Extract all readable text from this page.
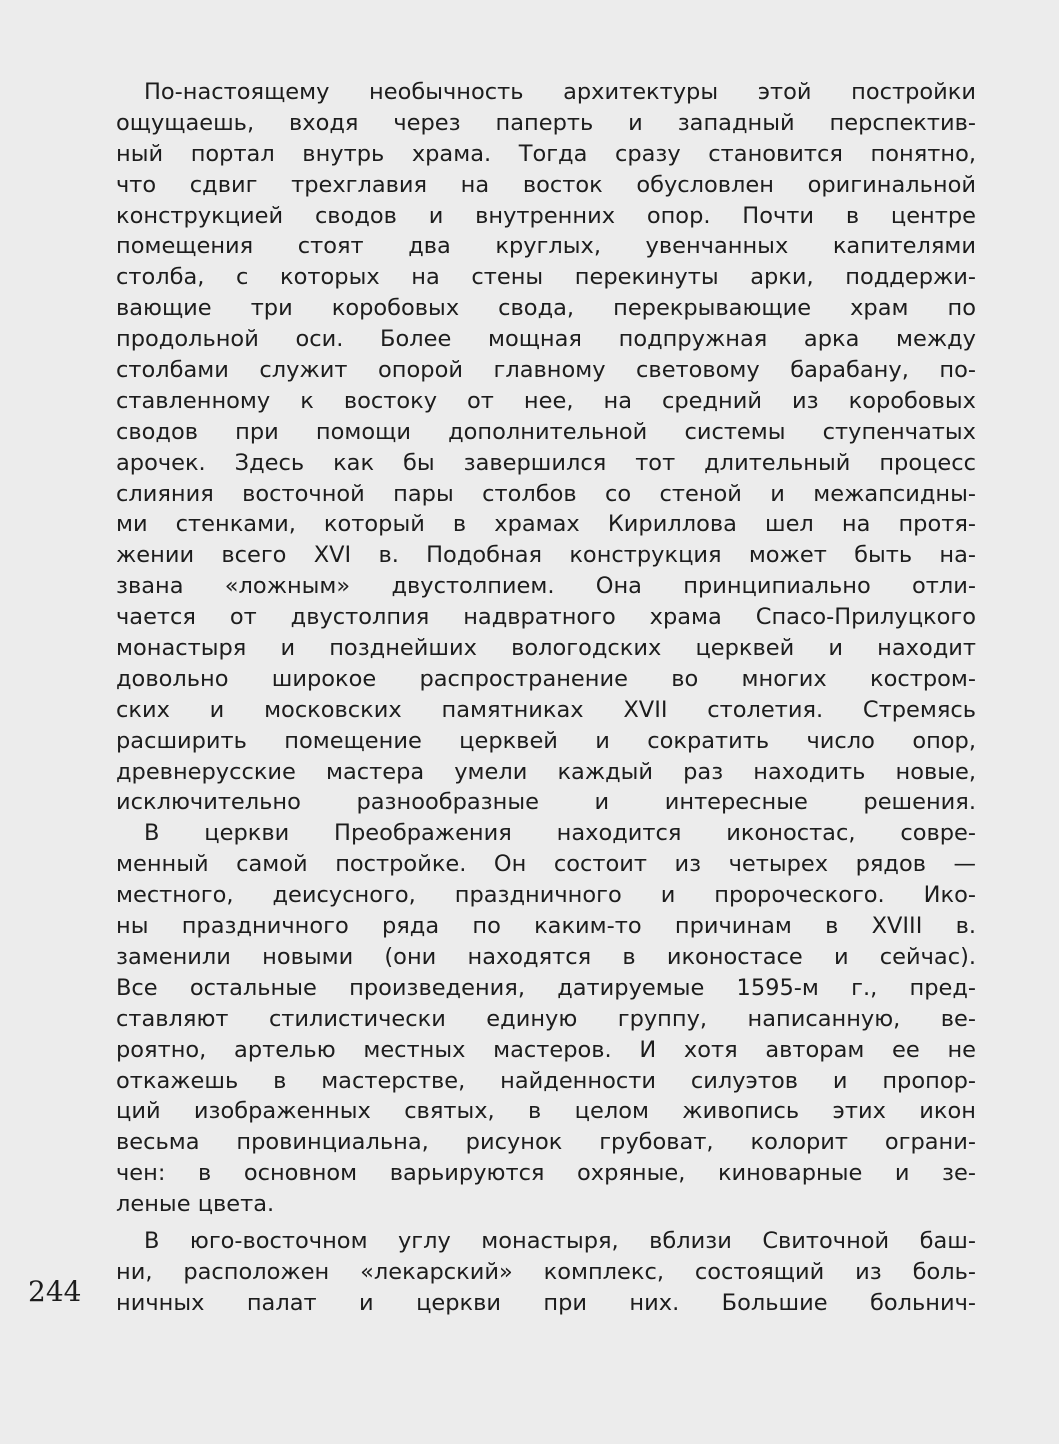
По-настоящему необычность архитектуры этой постройки
ощущаешь, входя через паперть и западный перспектив-
ный портал внутрь храма. Тогда сразу становится понятно,
что сдвиг трехглавия на восток обусловлен оригинальной
конструкцией сводов и внутренних опор. Почти в центре
помещения стоят два круглых, увенчанных капителями
столба, с которых на стены перекинуты арки, поддержи-
вающие три коробовых свода, перекрывающие храм по
продольной оси. Более мощная подпружная арка между
столбами служит опорой главному световому барабану, по-
ставленному к востоку от нее, на средний из коробовых
сводов при помощи дополнительной системы ступенчатых
арочек. Здесь как бы завершился тот длительный процесс
слияния восточной пары столбов со стеной и межапсидны-
ми стенками, который в храмах Кириллова шел на протя-
жении всего XVI в. Подобная конструкция может быть на-
звана «ложным» двустолпием. Она принципиально отли-
чается от двустолпия надвратного храма Спасо-Прилуцкого
монастыря и позднейших вологодских церквей и находит
довольно широкое распространение во многих костром-
ских и московских памятниках XVII столетия. Стремясь
расширить помещение церквей и сократить число опор,
древнерусские мастера умели каждый раз находить новые,
исключительно разнообразные и интересные решения.
В церкви Преображения находится иконостас, совре-
менный самой постройке. Он состоит из четырех рядов —
местного, деисусного, праздничного и пророческого. Ико-
ны праздничного ряда по каким-то причинам в XVIII в.
заменили новыми (они находятся в иконостасе и сейчас).
Все остальные произведения, датируемые 1595-м г., пред-
ставляют стилистически единую группу, написанную, ве-
роятно, артелью местных мастеров. И хотя авторам ее не
откажешь в мастерстве, найденности силуэтов и пропор-
ций изображенных святых, в целом живопись этих икон
весьма провинциальна, рисунок грубоват, колорит ограни-
чен: в основном варьируются охряные, киноварные и зе-
леные цвета.
В юго-восточном углу монастыря, вблизи Свиточной баш-
ни, расположен «лекарский» комплекс, состоящий из боль-
ничных палат и церкви при них. Большие больнич-
244
